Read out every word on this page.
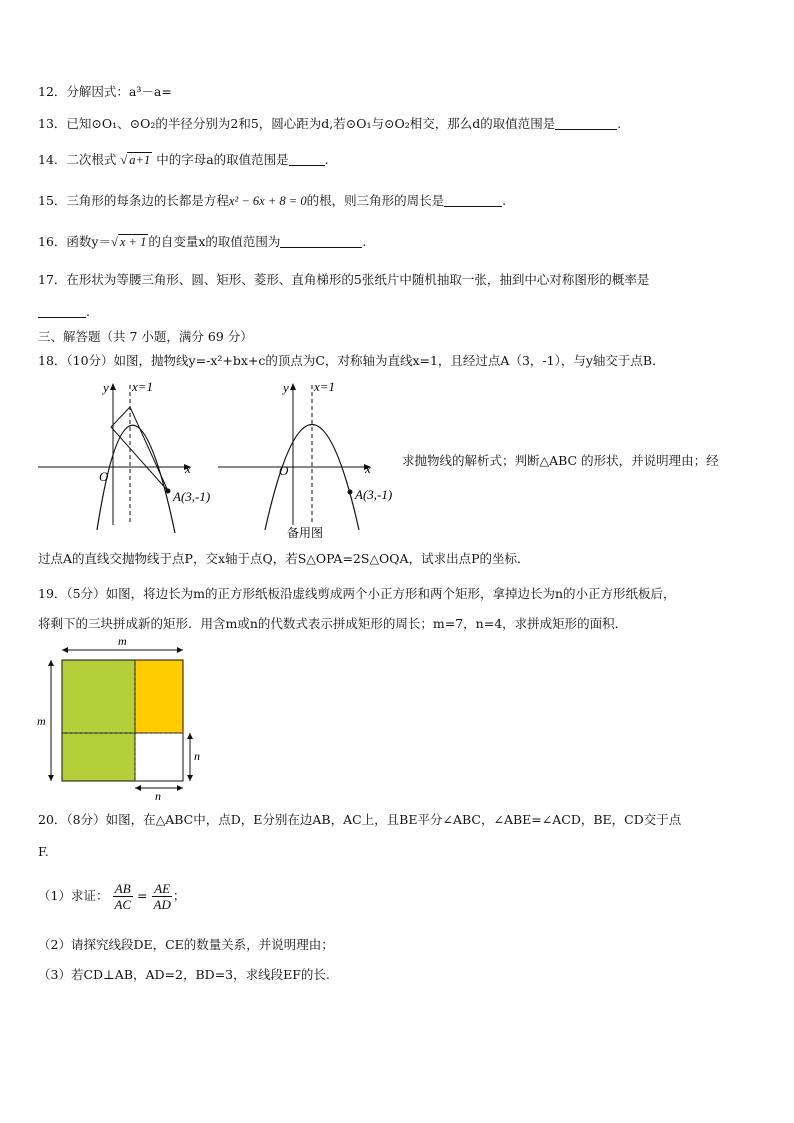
12．分解因式：a³－a=
13．已知⊙O₁、⊙O₂的半径分别为2和5，圆心距为d,若⊙O₁与⊙O₂相交，那么d的取值范围是	.
14．二次根式 √ a+1 中的字母a的取值范围是	.
15．三角形的每条边的长都是方程x² − 6x + 8 = 0的根，则三角形的周长是	.
16．函数y＝√ x + 1 的自变量x的取值范围为	.
17．在形状为等腰三角形、圆、矩形、菱形、直角梯形的5张纸片中随机抽取一张，抽到中心对称图形的概率是
.
三、解答题（共 7 小题，满分 69 分）
18．（10分）如图，抛物线y=-x²+bx+c的顶点为C，对称轴为直线x=1，且经过点A（3，-1），与y轴交于点B．
y x=1
x
O
A(3,-1)
y x=1
x
O
A(3,-1)
备用图
求抛物线的解析式；判断△ABC 的形状，并说明理由；经
过点A的直线交抛物线于点P，交x轴于点Q，若S△OPA=2S△OQA，试求出点P的坐标．
19．（5分）如图，将边长为m的正方形纸板沿虚线剪成两个小正方形和两个矩形，拿掉边长为n的小正方形纸板后，
将剩下的三块拼成新的矩形．用含m或n的代数式表示拼成矩形的周长；m=7，n=4，求拼成矩形的面积．
m
m
n
n
20．（8分）如图，在△ABC中，点D，E分别在边AB，AC上，且BE平分∠ABC，∠ABE=∠ACD，BE，CD交于点
F.
（1）求证： $\frac{AB}{AC} = \frac{AE}{AD}$ ；
（2）请探究线段DE，CE的数量关系，并说明理由；
（3）若CD⊥AB，AD=2，BD=3，求线段EF的长.
